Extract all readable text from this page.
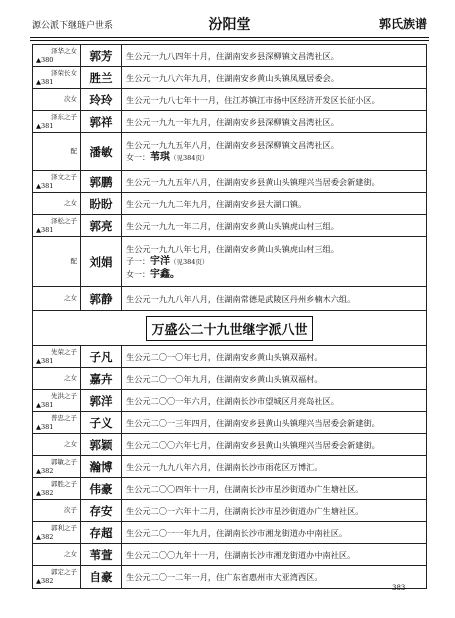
源公派下继琏户世系	汾阳堂	郭氏族谱
泽华之女
▲380	郭芳	生公元一九八四年十月，住湖南安乡县深柳镇文昌湾社区。

泽荣长女
▲381	胜兰	生公元一九八六年九月，住湖南安乡黄山头镇凤凰居委会。

次女	玲玲	生公元一九八七年十一月，住江苏镇江市扬中区经济开发区长征小区。

泽东之子
▲381	郭祥	生公元一九九一年九月，住湖南安乡县深柳镇文昌湾社区。

配	潘敏	生公元一九九五年八月，住湖南安乡县深柳镇文昌湾社区。
女一：苇琪（见384页）

泽文之子
▲381	郭鹏	生公元一九九五年八月，住湖南安乡县黄山头镇理兴当居委会新建街。

之女	盼盼	生公元一九九二年九月，住湖南安乡县大湖口镇。

泽松之子
▲381	郭亮	生公元一九九一年二月，住湖南安乡黄山头镇虎山村三组。

配	刘娟	生公元一九九八年七月，住湖南安乡黄山头镇虎山村三组。
子一：宇洋（见384页）
女一：宇鑫。

之女	郭静	生公元一九九八年八月，住湖南常德是武陵区丹州乡楠木六组。

万盛公二十九世继字派八世		
先荣之子
▲381	子凡	生公元二〇一〇年七月，住湖南安乡黄山头镇双福村。
之女	嘉卉	生公元二〇一〇年九月，住湖南安乡黄山头镇双福村。
先洪之子
▲381	郭洋	生公元二〇〇一年六月，住湖南长沙市望城区月亮岛社区。
普忠之子
▲381	子义	生公元二〇一三年四月，住湖南安乡县黄山头镇理兴当居委会新建街。
之女	郭颖	生公元二〇〇六年七月，住湖南安乡县黄山头镇理兴当居委会新建街。
郭敏之子
▲382	瀚博	生公元一九九八年六月，住湖南长沙市雨花区万博汇。
郭胜之子
▲382	伟豪	生公元二〇〇四年十一月，住湖南长沙市星沙街道办广生塘社区。
次子	存安	生公元二〇一六年十二月，住湖南长沙市星沙街道办广生塘社区。
郭利之子
▲382	存超	生公元二〇一一年九月，住湖南长沙市湘龙街道办中南社区。
之女	苇萱	生公元二〇〇九年十一月，住湖南长沙市湘龙街道办中南社区。
郭定之子
▲382	自豪	生公元二〇一二年一月，住广东省惠州市大亚湾西区。
383
